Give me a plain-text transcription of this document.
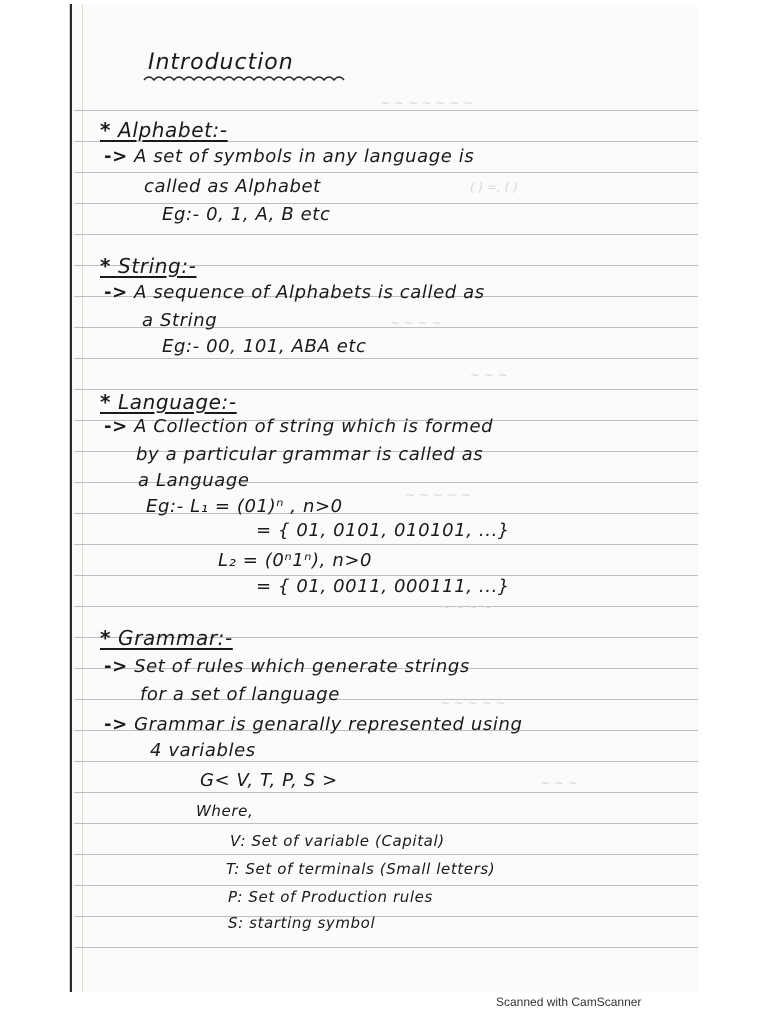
Introduction
~ ~ ~ ~ ~ ~ ~
( ) =, ( )
~ ~ ~ ~
~ ~ ~
~ ~ ~ ~ ~
~ ~ ~ ~
~ ~ ~ ~ ~
~ ~ ~
* Alphabet:-
-> A set of symbols in any language is
called as Alphabet
Eg:- 0, 1, A, B etc
* String:-
-> A sequence of Alphabets is called as
a String
Eg:- 00, 101, ABA etc
* Language:-
-> A Collection of string which is formed
by a particular grammar is called as
a Language
Eg:- L₁ = (01)ⁿ , n>0
= { 01, 0101, 010101, ...}
L₂ = (0ⁿ1ⁿ), n>0
= { 01, 0011, 000111, ...}
* Grammar:-
-> Set of rules which generate strings
for a set of language
-> Grammar is genarally represented using
4 variables
G< V, T, P, S >
Where,
V: Set of variable (Capital)
T: Set of terminals (Small letters)
P: Set of Production rules
S: starting symbol
Scanned with CamScanner
